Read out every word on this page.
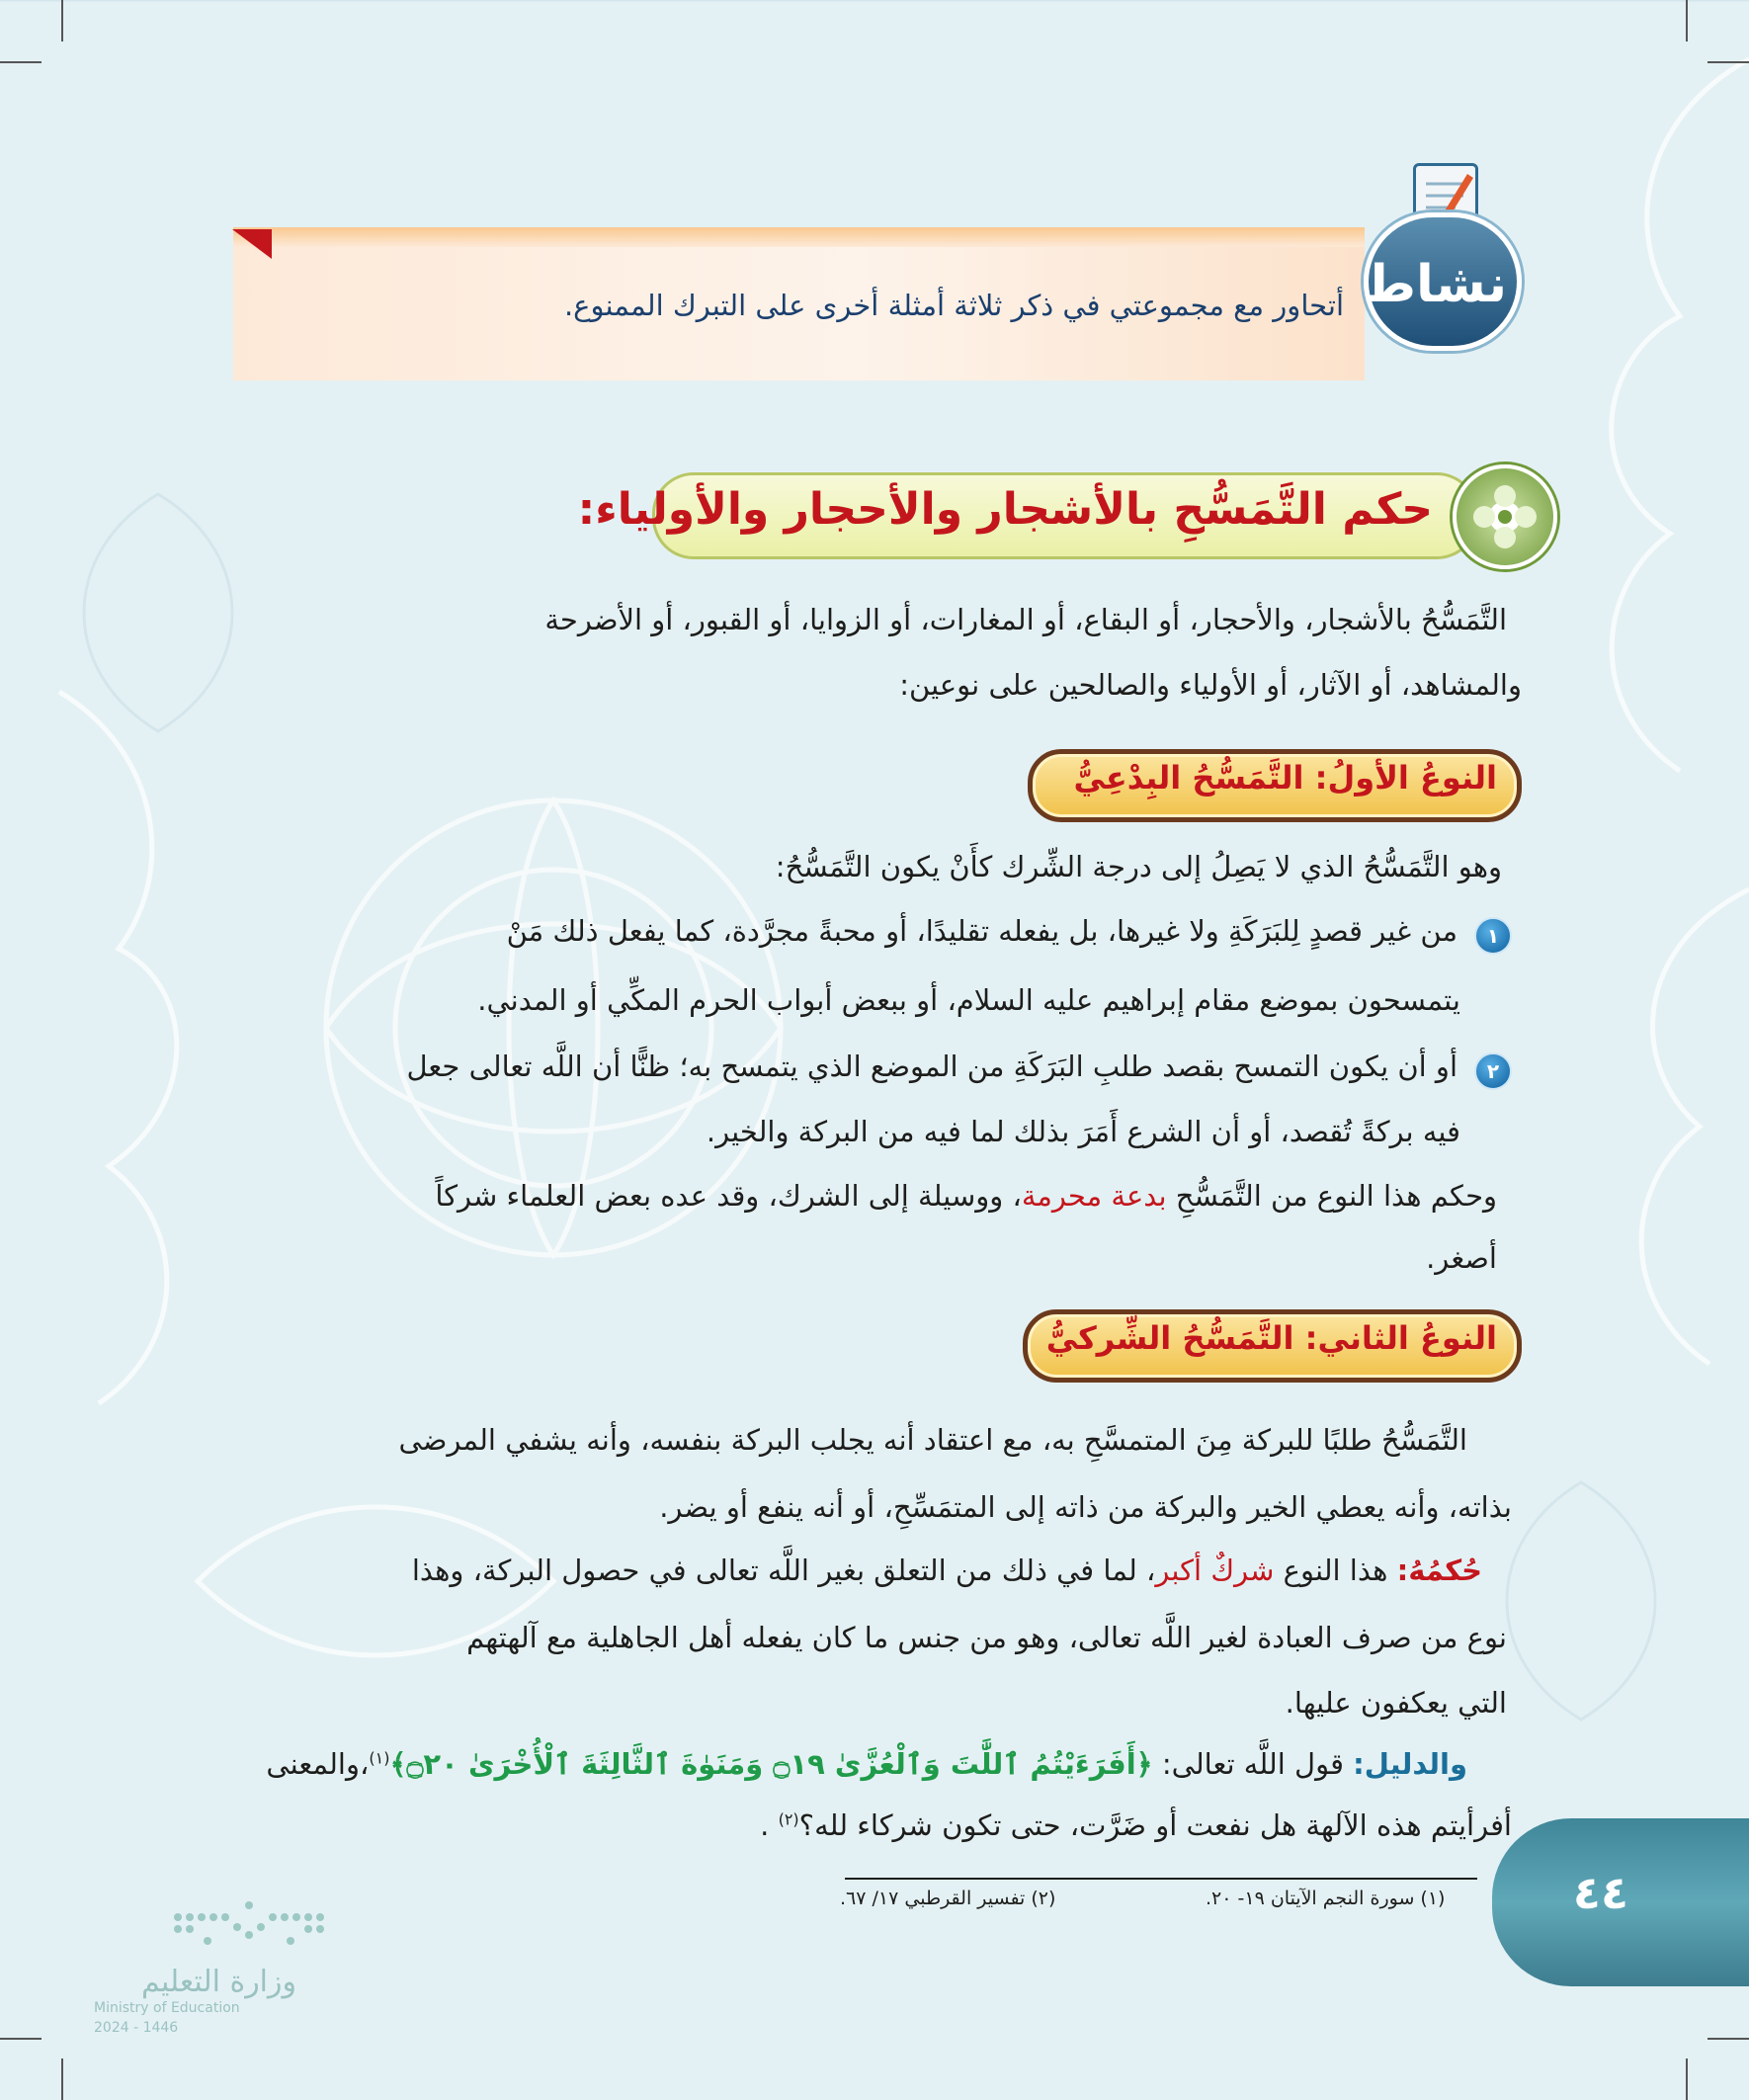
نشاط
أتحاور مع مجموعتي في ذكر ثلاثة أمثلة أخرى على التبرك الممنوع.
حكم التَّمَسُّحِ بالأشجار والأحجار والأولياء:
التَّمَسُّحُ بالأشجار، والأحجار، أو البقاع، أو المغارات، أو الزوايا، أو القبور، أو الأضرحة
والمشاهد، أو الآثار، أو الأولياء والصالحين على نوعين:
النوعُ الأولُ: التَّمَسُّحُ البِدْعِيُّ
وهو التَّمَسُّحُ الذي لا يَصِلُ إلى درجة الشِّرك كأَنْ يكون التَّمَسُّحُ:
١
من غير قصدٍ لِلبَرَكَةِ ولا غيرها، بل يفعله تقليدًا، أو محبةً مجرَّدة، كما يفعل ذلك مَنْ
يتمسحون بموضع مقام إبراهيم عليه السلام، أو ببعض أبواب الحرم المكِّي أو المدني.
٢
أو أن يكون التمسح بقصد طلبِ البَرَكَةِ من الموضع الذي يتمسح به؛ ظنًّا أن اللَّه تعالى جعل
فيه بركةً تُقصد، أو أن الشرع أَمَرَ بذلك لما فيه من البركة والخير.
وحكم هذا النوع من التَّمَسُّحِ بدعة محرمة، ووسيلة إلى الشرك، وقد عده بعض العلماء شركاً
أصغر.
النوعُ الثاني: التَّمَسُّحُ الشِّركيُّ
التَّمَسُّحُ طلبًا للبركة مِنَ المتمسَّحِ به، مع اعتقاد أنه يجلب البركة بنفسه، وأنه يشفي المرضى
بذاته، وأنه يعطي الخير والبركة من ذاته إلى المتمَسِّحِ، أو أنه ينفع أو يضر.
حُكمُهُ: هذا النوع شركٌ أكبر، لما في ذلك من التعلق بغير اللَّه تعالى في حصول البركة، وهذا
نوع من صرف العبادة لغير اللَّه تعالى، وهو من جنس ما كان يفعله أهل الجاهلية مع آلهتهم
التي يعكفون عليها.
والدليل: قول اللَّه تعالى: ﴿أَفَرَءَيْتُمُ ٱللَّٰتَ وَٱلْعُزَّىٰ ۝١٩ وَمَنَوٰةَ ٱلثَّالِثَةَ ٱلْأُخْرَىٰ ۝٢٠﴾$^{(١)}$،والمعنى
أفرأيتم هذه الآلهة هل نفعت أو ضَرَّت، حتى تكون شركاء لله؟$^{(٢)}$ .
(١) سورة النجم الآيتان ١٩- ٢٠.
(٢) تفسير القرطبي ١٧/ ٦٧.	٤٤
وزارة التعليم
Ministry of Education
2024 - 1446
